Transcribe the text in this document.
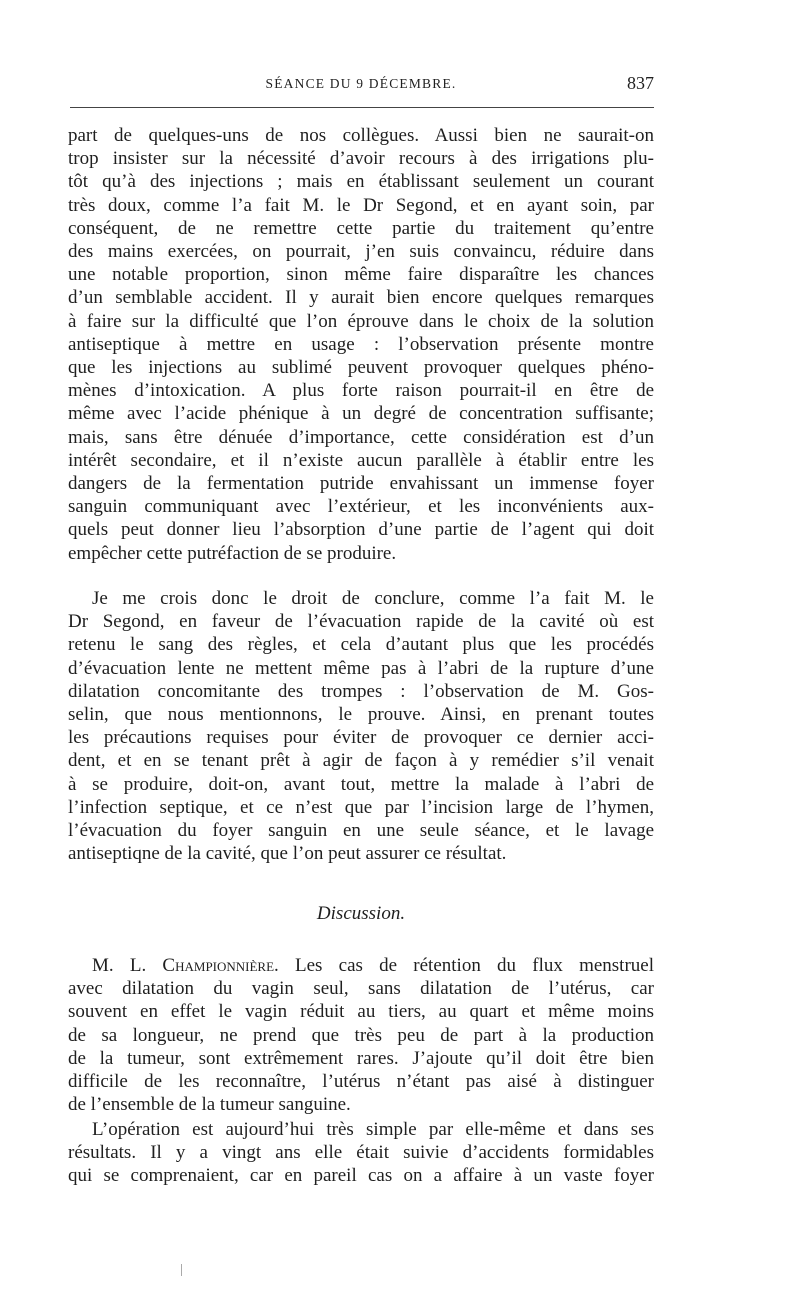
SÉANCE DU 9 DÉCEMBRE.	837

part de quelques-uns de nos collègues. Aussi bien ne saurait-on
trop insister sur la nécessité d’avoir recours à des irrigations plu-
tôt qu’à des injections ; mais en établissant seulement un courant
très doux, comme l’a fait M. le Dr Segond, et en ayant soin, par
conséquent, de ne remettre cette partie du traitement qu’entre
des mains exercées, on pourrait, j’en suis convaincu, réduire dans
une notable proportion, sinon même faire disparaître les chances
d’un semblable accident. Il y aurait bien encore quelques remarques
à faire sur la difficulté que l’on éprouve dans le choix de la solution
antiseptique à mettre en usage : l’observation présente montre
que les injections au sublimé peuvent provoquer quelques phéno-
mènes d’intoxication. A plus forte raison pourrait-il en être de
même avec l’acide phénique à un degré de concentration suffisante;
mais, sans être dénuée d’importance, cette considération est d’un
intérêt secondaire, et il n’existe aucun parallèle à établir entre les
dangers de la fermentation putride envahissant un immense foyer
sanguin communiquant avec l’extérieur, et les inconvénients aux-
quels peut donner lieu l’absorption d’une partie de l’agent qui doit
empêcher cette putréfaction de se produire.

Je me crois donc le droit de conclure, comme l’a fait M. le
Dr Segond, en faveur de l’évacuation rapide de la cavité où est
retenu le sang des règles, et cela d’autant plus que les procédés
d’évacuation lente ne mettent même pas à l’abri de la rupture d’une
dilatation concomitante des trompes : l’observation de M. Gos-
selin, que nous mentionnons, le prouve. Ainsi, en prenant toutes
les précautions requises pour éviter de provoquer ce dernier acci-
dent, et en se tenant prêt à agir de façon à y remédier s’il venait
à se produire, doit-on, avant tout, mettre la malade à l’abri de
l’infection septique, et ce n’est que par l’incision large de l’hymen,
l’évacuation du foyer sanguin en une seule séance, et le lavage
antiseptiqne de la cavité, que l’on peut assurer ce résultat.

Discussion.

M. L. Championnière. Les cas de rétention du flux menstruel
avec dilatation du vagin seul, sans dilatation de l’utérus, car
souvent en effet le vagin réduit au tiers, au quart et même moins
de sa longueur, ne prend que très peu de part à la production
de la tumeur, sont extrêmement rares. J’ajoute qu’il doit être bien
difficile de les reconnaître, l’utérus n’étant pas aisé à distinguer
de l’ensemble de la tumeur sanguine.

L’opération est aujourd’hui très simple par elle-même et dans ses
résultats. Il y a vingt ans elle était suivie d’accidents formidables
qui se comprenaient, car en pareil cas on a affaire à un vaste foyer
